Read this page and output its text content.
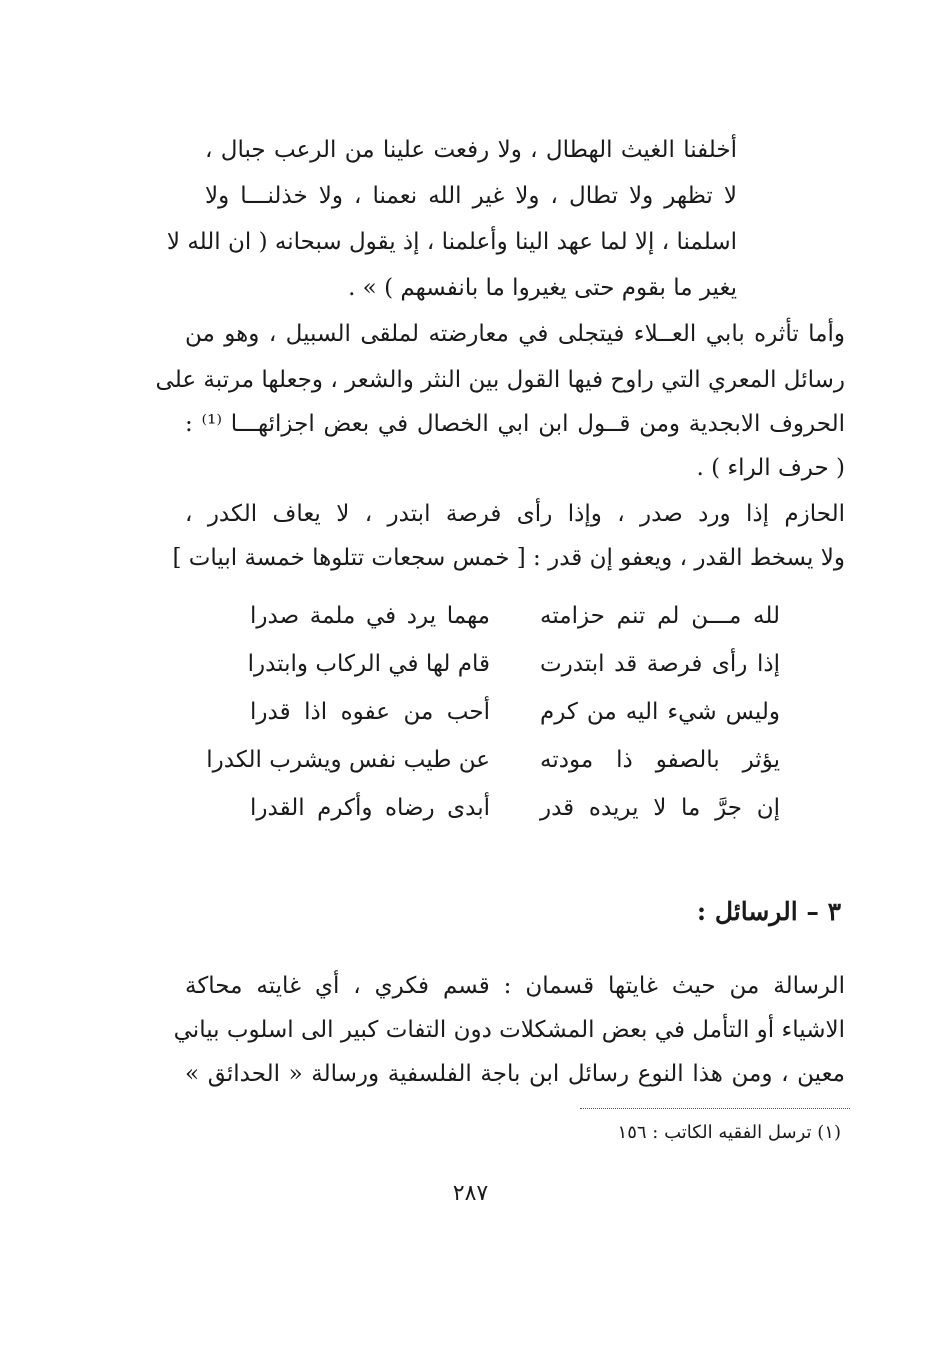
أخلفنا الغيث الهطال ، ولا رفعت علينا من الرعب جبال ،
لا تظهر ولا تطال ، ولا غير الله نعمنا ، ولا خذلنـــا ولا
اسلمنا ، إلا لما عهد الينا وأعلمنا ، إذ يقول سبحانه ( ان الله لا
يغير ما بقوم حتى يغيروا ما بانفسهم ) » .
وأما تأثره بابي العــلاء فيتجلى في معارضته لملقى السبيل ، وهو من
رسائل المعري التي راوح فيها القول بين النثر والشعر ، وجعلها مرتبة على
الحروف الابجدية ومن قــول ابن ابي الخصال في بعض اجزائهـــا ⁽¹⁾ :
( حرف الراء ) .
الحازم إذا ورد صدر ، وإذا رأى فرصة ابتدر ، لا يعاف الكدر ،
ولا يسخط القدر ، ويعفو إن قدر : [ خمس سجعات تتلوها خمسة ابيات ]
لله مـــن لم تنم حزامته
مهما يرد في ملمة صدرا
إذا رأى فرصة قد ابتدرت
قام لها في الركاب وابتدرا
وليس شيء اليه من كرم
أحب من عفوه اذا قدرا
يؤثر بالصفو ذا مودته
عن طيب نفس ويشرب الكدرا
إن جرَّ ما لا يريده قدر
أبدى رضاه وأكرم القدرا
٣ – الرسائل :
الرسالة من حيث غايتها قسمان : قسم فكري ، أي غايته محاكة
الاشياء أو التأمل في بعض المشكلات دون التفات كبير الى اسلوب بياني
معين ، ومن هذا النوع رسائل ابن باجة الفلسفية ورسالة « الحدائق »
(١) ترسل الفقيه الكاتب : ١٥٦
٢٨٧
